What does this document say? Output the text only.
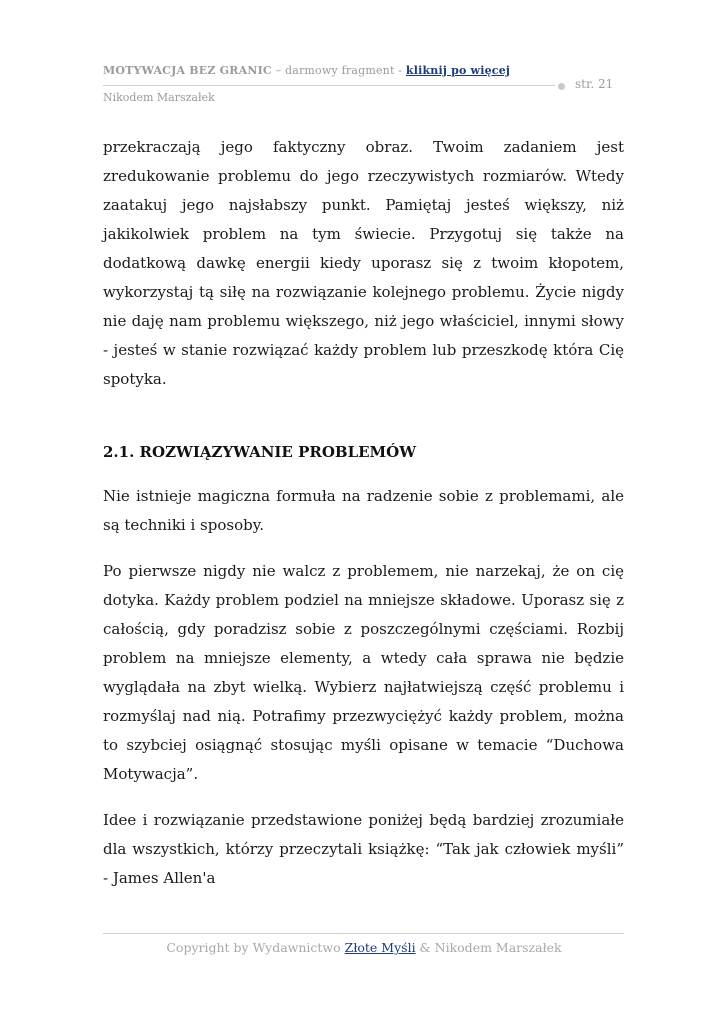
MOTYWACJA BEZ GRANIC – darmowy fragment - kliknij po więcej
str. 21
Nikodem Marszałek

przekraczają jego faktyczny obraz. Twoim zadaniem jest zredukowanie problemu do jego rzeczywistych rozmiarów. Wtedy zaatakuj jego najsłabszy punkt. Pamiętaj jesteś większy, niż jakikolwiek problem na tym świecie. Przygotuj się także na dodatkową dawkę energii kiedy uporasz się z twoim kłopotem, wykorzystaj tą siłę na rozwiązanie kolejnego problemu. Życie nigdy nie daję nam problemu większego, niż jego właściciel, innymi słowy - jesteś w stanie rozwiązać każdy problem lub przeszkodę która Cię spotyka.

2.1. ROZWIĄZYWANIE PROBLEMÓW

Nie istnieje magiczna formuła na radzenie sobie z problemami, ale są techniki i sposoby.

Po pierwsze nigdy nie walcz z problemem, nie narzekaj, że on cię dotyka. Każdy problem podziel na mniejsze składowe. Uporasz się z całością, gdy poradzisz sobie z poszczególnymi częściami. Rozbij problem na mniejsze elementy, a wtedy cała sprawa nie będzie wyglądała na zbyt wielką. Wybierz najłatwiejszą część problemu i rozmyślaj nad nią. Potrafimy przezwyciężyć każdy problem, można to szybciej osiągnąć stosując myśli opisane w temacie “Duchowa Motywacja”.

Idee i rozwiązanie przedstawione poniżej będą bardziej zrozumiałe dla wszystkich, którzy przeczytali książkę: “Tak jak człowiek myśli” - James Allen'a

Copyright by Wydawnictwo Złote Myśli & Nikodem Marszałek
